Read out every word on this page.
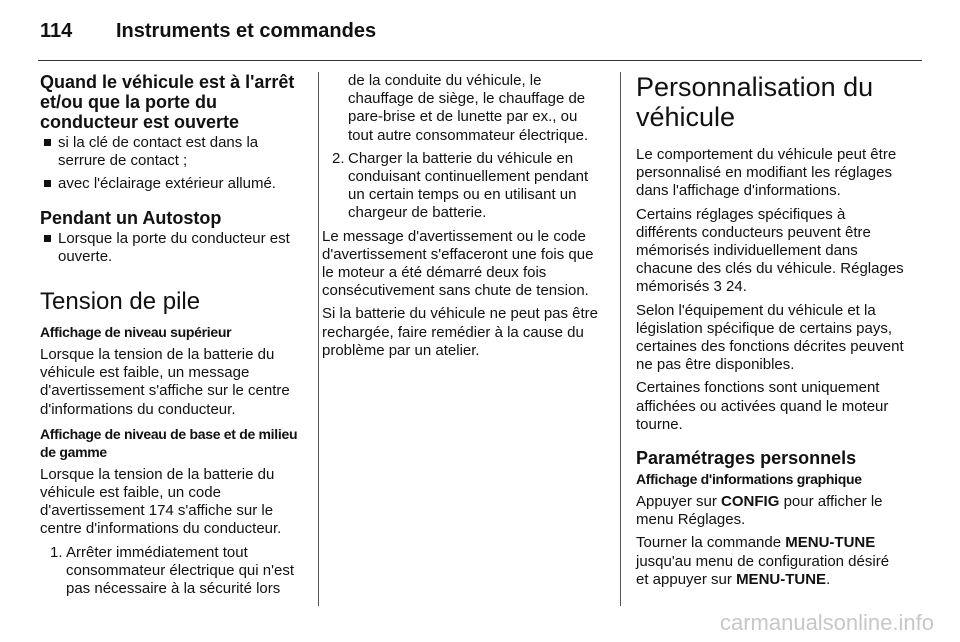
114 Instruments et commandes
Quand le véhicule est à l'arrêt et/ou que la porte du conducteur est ouverte
si la clé de contact est dans la serrure de contact ;
avec l'éclairage extérieur allumé.
Pendant un Autostop
Lorsque la porte du conducteur est ouverte.
Tension de pile
Affichage de niveau supérieur

Lorsque la tension de la batterie du véhicule est faible, un message d'avertissement s'affiche sur le centre d'informations du conducteur.

Affichage de niveau de base et de milieu de gamme

Lorsque la tension de la batterie du véhicule est faible, un code d'avertissement 174 s'affiche sur le centre d'informations du conducteur.

1. Arrêter immédiatement tout consommateur électrique qui n'est pas nécessaire à la sécurité lors
de la conduite du véhicule, le chauffage de siège, le chauffage de pare-brise et de lunette par ex., ou tout autre consommateur électrique.
2. Charger la batterie du véhicule en conduisant continuellement pendant un certain temps ou en utilisant un chargeur de batterie.

Le message d'avertissement ou le code d'avertissement s'effaceront une fois que le moteur a été démarré deux fois consécutivement sans chute de tension.

Si la batterie du véhicule ne peut pas être rechargée, faire remédier à la cause du problème par un atelier.

Personnalisation du véhicule

Le comportement du véhicule peut être personnalisé en modifiant les réglages dans l'affichage d'informations.

Certains réglages spécifiques à différents conducteurs peuvent être mémorisés individuellement dans chacune des clés du véhicule. Réglages mémorisés 3 24.

Selon l'équipement du véhicule et la législation spécifique de certains pays, certaines des fonctions décrites peuvent ne pas être disponibles.

Certaines fonctions sont uniquement affichées ou activées quand le moteur tourne.

Paramétrages personnels
Affichage d'informations graphique

Appuyer sur CONFIG pour afficher le menu Réglages.

Tourner la commande MENU-TUNE jusqu'au menu de configuration désiré et appuyer sur MENU-TUNE.

carmanualsonline.info
